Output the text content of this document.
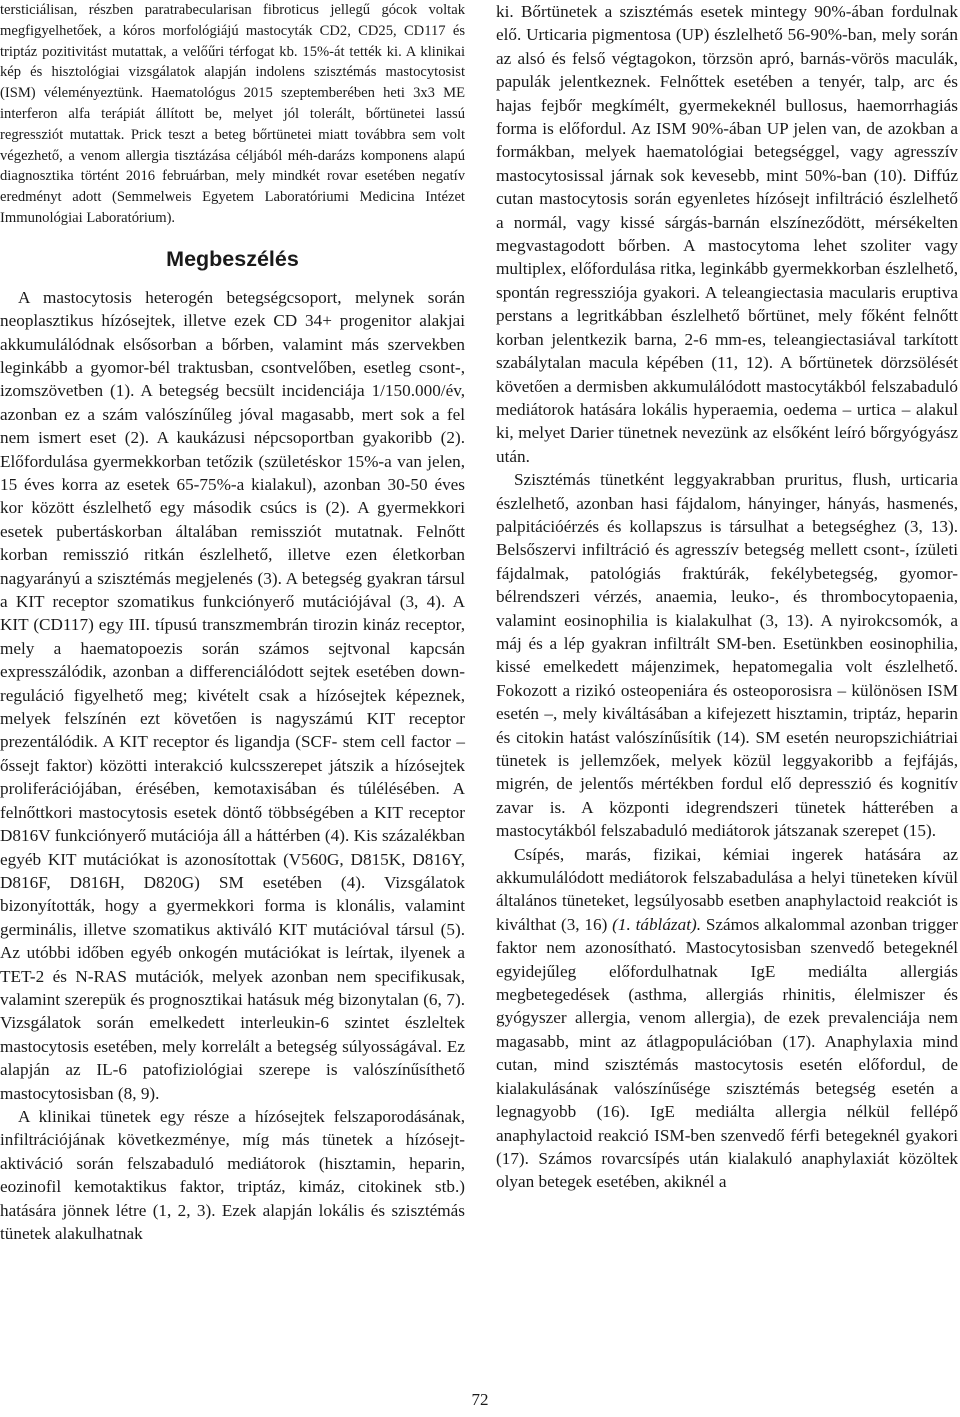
tersticiálisan, részben paratrabecularisan fibroticus jellegű gócok voltak megfigyelhetőek, a kóros morfológiájú mastocyták CD2, CD25, CD117 és triptáz pozitivitást mutattak, a velőűri térfogat kb. 15%-át tették ki. A klinikai kép és hisztológiai vizsgálatok alapján indolens szisztémás mastocytosist (ISM) véleményeztünk. Haematológus 2015 szeptemberében heti 3x3 ME interferon alfa terápiát állított be, melyet jól tolerált, bőrtünetei lassú regressziót mutattak. Prick teszt a beteg bőrtünetei miatt továbbra sem volt végezhető, a venom allergia tisztázása céljából méh-darázs komponens alapú diagnosztika történt 2016 februárban, mely mindkét rovar esetében negatív eredményt adott (Semmelweis Egyetem Laboratóriumi Medicina Intézet Immunológiai Laboratórium).

Megbeszélés

A mastocytosis heterogén betegségcsoport, melynek során neoplasztikus hízósejtek, illetve ezek CD 34+ progenitor alakjai akkumulálódnak elsősorban a bőrben, valamint más szervekben leginkább a gyomor-bél traktusban, csontvelőben, esetleg csont-, izomszövetben (1). A betegség becsült incidenciája 1/150.000/év, azonban ez a szám valószínűleg jóval magasabb, mert sok a fel nem ismert eset (2). A kaukázusi népcsoportban gyakoribb (2). Előfordulása gyermekkorban tetőzik (születéskor 15%-a van jelen, 15 éves korra az esetek 65-75%-a kialakul), azonban 30-50 éves kor között észlelhető egy második csúcs is (2). A gyermekkori esetek pubertáskorban általában remissziót mutatnak. Felnőtt korban remisszió ritkán észlelhető, illetve ezen életkorban nagyarányú a szisztémás megjelenés (3). A betegség gyakran társul a KIT receptor szomatikus funkciónyerő mutációjával (3, 4). A KIT (CD117) egy III. típusú transzmembrán tirozin kináz receptor, mely a haematopoezis során számos sejtvonal kapcsán expresszálódik, azonban a differenciálódott sejtek esetében down-reguláció figyelhető meg; kivételt csak a hízósejtek képeznek, melyek felszínén ezt követően is nagyszámú KIT receptor prezentálódik. A KIT receptor és ligandja (SCF- stem cell factor – őssejt faktor) közötti interakció kulcsszerepet játszik a hízósejtek proliferációjában, érésében, kemotaxisában és túlélésében. A felnőttkori mastocytosis esetek döntő többségében a KIT receptor D816V funkciónyerő mutációja áll a háttérben (4). Kis százalékban egyéb KIT mutációkat is azonosítottak (V560G, D815K, D816Y, D816F, D816H, D820G) SM esetében (4). Vizsgálatok bizonyították, hogy a gyermekkori forma is klonális, valamint germinális, illetve szomatikus aktiváló KIT mutációval társul (5). Az utóbbi időben egyéb onkogén mutációkat is leírtak, ilyenek a TET-2 és N-RAS mutációk, melyek azonban nem specifikusak, valamint szerepük és prognosztikai hatásuk még bizonytalan (6, 7). Vizsgálatok során emelkedett interleukin-6 szintet észleltek mastocytosis esetében, mely korrelált a betegség súlyosságával. Ez alapján az IL-6 patofiziológiai szerepe is valószínűsíthető mastocytosisban (8, 9).

A klinikai tünetek egy része a hízósejtek felszaporodásának, infiltrációjának következménye, míg más tünetek a hízósejt-aktiváció során felszabaduló mediátorok (hisztamin, heparin, eozinofil kemotaktikus faktor, triptáz, kimáz, citokinek stb.) hatására jönnek létre (1, 2, 3). Ezek alapján lokális és szisztémás tünetek alakulhatnak

ki. Bőrtünetek a szisztémás esetek mintegy 90%-ában fordulnak elő. Urticaria pigmentosa (UP) észlelhető 56-90%-ban, mely során az alsó és felső végtagokon, törzsön apró, barnás-vörös maculák, papulák jelentkeznek. Felnőttek esetében a tenyér, talp, arc és hajas fejbőr megkímélt, gyermekeknél bullosus, haemorrhagiás forma is előfordul. Az ISM 90%-ában UP jelen van, de azokban a formákban, melyek haematológiai betegséggel, vagy agresszív mastocytosissal járnak sok kevesebb, mint 50%-ban (10). Diffúz cutan mastocytosis során egyenletes hízósejt infiltráció észlelhető a normál, vagy kissé sárgás-barnán elszíneződött, mérsékelten megvastagodott bőrben. A mastocytoma lehet szoliter vagy multiplex, előfordulása ritka, leginkább gyermekkorban észlelhető, spontán regressziója gyakori. A teleangiectasia macularis eruptiva perstans a legritkábban észlelhető bőrtünet, mely főként felnőtt korban jelentkezik barna, 2-6 mm-es, teleangiectasiával tarkított szabálytalan macula képében (11, 12). A bőrtünetek dörzsölését követően a dermisben akkumulálódott mastocytákból felszabaduló mediátorok hatására lokális hyperaemia, oedema – urtica – alakul ki, melyet Darier tünetnek nevezünk az elsőként leíró bőrgyógyász után.

Szisztémás tünetként leggyakrabban pruritus, flush, urticaria észlelhető, azonban hasi fájdalom, hányinger, hányás, hasmenés, palpitációérzés és kollapszus is társulhat a betegséghez (3, 13). Belsőszervi infiltráció és agresszív betegség mellett csont-, ízületi fájdalmak, patológiás fraktúrák, fekélybetegség, gyomor-bélrendszeri vérzés, anaemia, leuko-, és thrombocytopaenia, valamint eosinophilia is kialakulhat (3, 13). A nyirokcsomók, a máj és a lép gyakran infiltrált SM-ben. Esetünkben eosinophilia, kissé emelkedett májenzimek, hepatomegalia volt észlelhető. Fokozott a rizikó osteopeniára és osteoporosisra – különösen ISM esetén –, mely kiváltásában a kifejezett hisztamin, triptáz, heparin és citokin hatást valószínűsítik (14). SM esetén neuropszichiátriai tünetek is jellemzőek, melyek közül leggyakoribb a fejfájás, migrén, de jelentős mértékben fordul elő depresszió és kognitív zavar is. A központi idegrendszeri tünetek hátterében a mastocytákból felszabaduló mediátorok játszanak szerepet (15).

Csípés, marás, fizikai, kémiai ingerek hatására az akkumulálódott mediátorok felszabadulása a helyi tüneteken kívül általános tüneteket, legsúlyosabb esetben anaphylactoid reakciót is kiválthat (3, 16) (1. táblázat). Számos alkalommal azonban trigger faktor nem azonosítható. Mastocytosisban szenvedő betegeknél egyidejűleg előfordulhatnak IgE mediálta allergiás megbetegedések (asthma, allergiás rhinitis, élelmiszer és gyógyszer allergia, venom allergia), de ezek prevalenciája nem magasabb, mint az átlagpopulációban (17). Anaphylaxia mind cutan, mind szisztémás mastocytosis esetén előfordul, de kialakulásának valószínűsége szisztémás betegség esetén a legnagyobb (16). IgE mediálta allergia nélkül fellépő anaphylactoid reakció ISM-ben szenvedő férfi betegeknél gyakori (17). Számos rovarcsípés után kialakuló anaphylaxiát közöltek olyan betegek esetében, akiknél a

72
